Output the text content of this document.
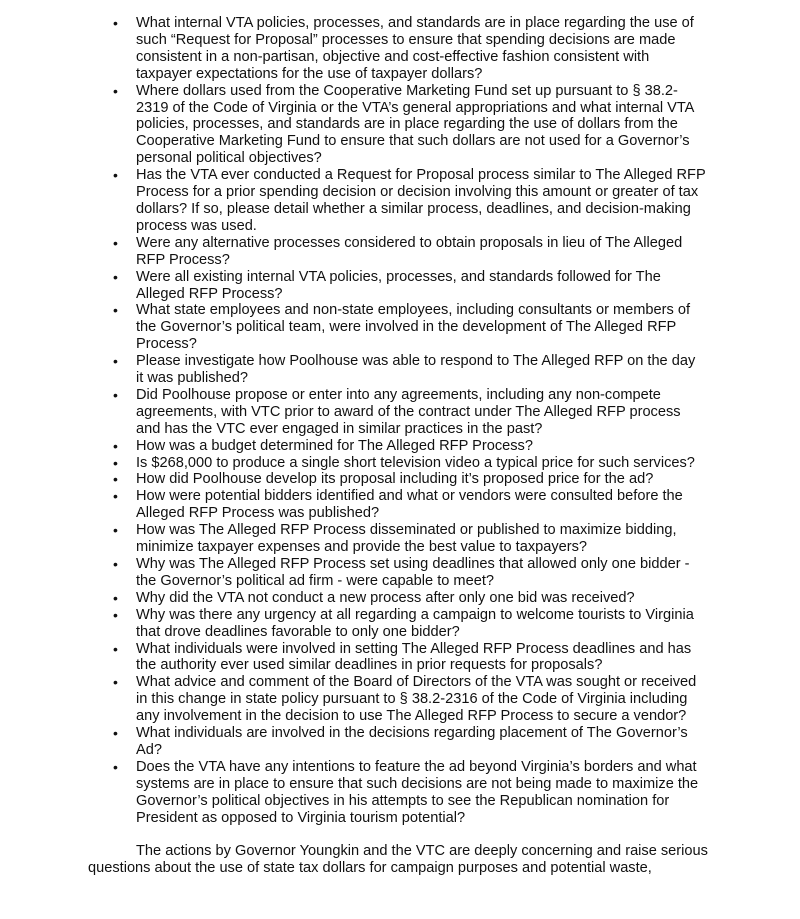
• What internal VTA policies, processes, and standards are in place regarding the use of such “Request for Proposal” processes to ensure that spending decisions are made consistent in a non-partisan, objective and cost-effective fashion consistent with taxpayer expectations for the use of taxpayer dollars?
• Where dollars used from the Cooperative Marketing Fund set up pursuant to § 38.2-2319 of the Code of Virginia or the VTA’s general appropriations and what internal VTA policies, processes, and standards are in place regarding the use of dollars from the Cooperative Marketing Fund to ensure that such dollars are not used for a Governor’s personal political objectives?
• Has the VTA ever conducted a Request for Proposal process similar to The Alleged RFP Process for a prior spending decision or decision involving this amount or greater of tax dollars? If so, please detail whether a similar process, deadlines, and decision-making process was used.
• Were any alternative processes considered to obtain proposals in lieu of The Alleged RFP Process?
• Were all existing internal VTA policies, processes, and standards followed for The Alleged RFP Process?
• What state employees and non-state employees, including consultants or members of the Governor’s political team, were involved in the development of The Alleged RFP Process?
• Please investigate how Poolhouse was able to respond to The Alleged RFP on the day it was published?
• Did Poolhouse propose or enter into any agreements, including any non-compete agreements, with VTC prior to award of the contract under The Alleged RFP process and has the VTC ever engaged in similar practices in the past?
• How was a budget determined for The Alleged RFP Process?
• Is $268,000 to produce a single short television video a typical price for such services?
• How did Poolhouse develop its proposal including it’s proposed price for the ad?
• How were potential bidders identified and what or vendors were consulted before the Alleged RFP Process was published?
• How was The Alleged RFP Process disseminated or published to maximize bidding, minimize taxpayer expenses and provide the best value to taxpayers?
• Why was The Alleged RFP Process set using deadlines that allowed only one bidder - the Governor’s political ad firm - were capable to meet?
• Why did the VTA not conduct a new process after only one bid was received?
• Why was there any urgency at all regarding a campaign to welcome tourists to Virginia that drove deadlines favorable to only one bidder?
• What individuals were involved in setting The Alleged RFP Process deadlines and has the authority ever used similar deadlines in prior requests for proposals?
• What advice and comment of the Board of Directors of the VTA was sought or received in this change in state policy pursuant to § 38.2-2316 of the Code of Virginia including any involvement in the decision to use The Alleged RFP Process to secure a vendor?
• What individuals are involved in the decisions regarding placement of The Governor’s Ad?
• Does the VTA have any intentions to feature the ad beyond Virginia’s borders and what systems are in place to ensure that such decisions are not being made to maximize the Governor’s political objectives in his attempts to see the Republican nomination for President as opposed to Virginia tourism potential?

The actions by Governor Youngkin and the VTC are deeply concerning and raise serious questions about the use of state tax dollars for campaign purposes and potential waste,
